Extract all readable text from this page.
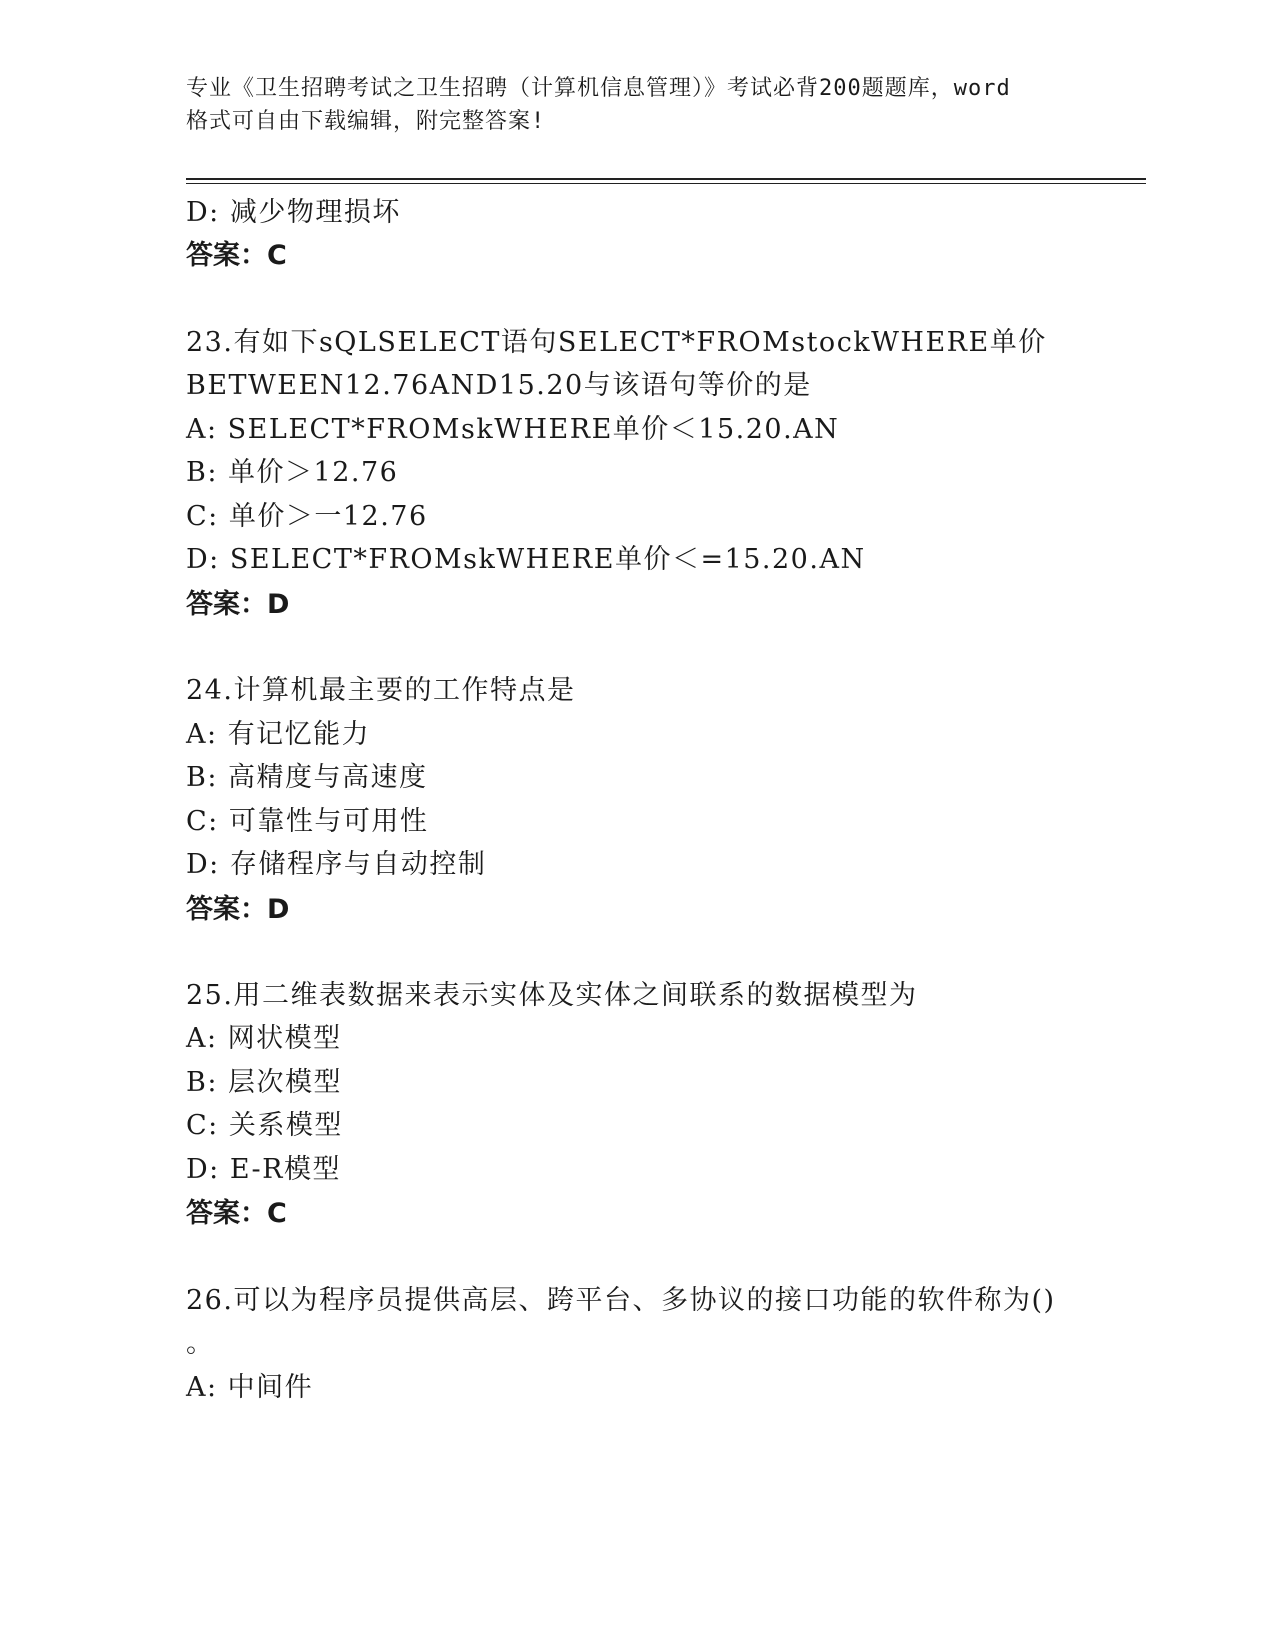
专业《卫生招聘考试之卫生招聘（计算机信息管理）》考试必背200题题库，word
格式可自由下载编辑，附完整答案!
D: 减少物理损坏
答案：C
23.有如下sQLSELECT语句SELECT*FROMstockWHERE单价
BETWEEN12.76AND15.20与该语句等价的是
A: SELECT*FROMskWHERE单价＜15.20.AN
B: 单价＞12.76
C: 单价＞一12.76
D: SELECT*FROMskWHERE单价＜=15.20.AN
答案：D
24.计算机最主要的工作特点是
A: 有记忆能力
B: 高精度与高速度
C: 可靠性与可用性
D: 存储程序与自动控制
答案：D
25.用二维表数据来表示实体及实体之间联系的数据模型为
A: 网状模型
B: 层次模型
C: 关系模型
D: E-R模型
答案：C
26.可以为程序员提供高层、跨平台、多协议的接口功能的软件称为()
。
A: 中间件
